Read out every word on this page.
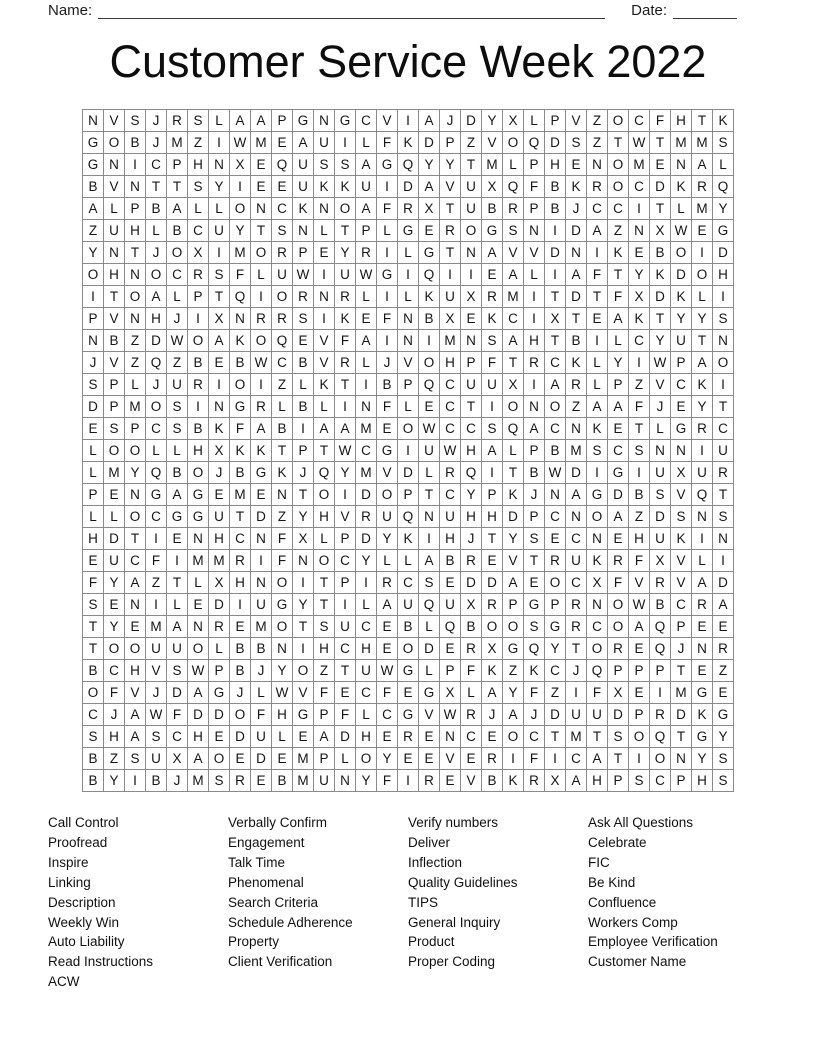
Name:	Date:
Customer Service Week 2022
N	V	S	J	R	S	L	A	A	P	G	N	G	C	V	I	A	J	D	Y	X	L	P	V	Z	O	C	F	H	T	K
G	O	B	J	M	Z	I	W	M	E	A	U	I	L	F	K	D	P	Z	V	O	Q	D	S	Z	T	W	T	M	M	S
G	N	I	C	P	H	N	X	E	Q	U	S	S	A	G	Q	Y	Y	T	M	L	P	H	E	N	O	M	E	N	A	L
B	V	N	T	T	S	Y	I	E	E	U	K	K	U	I	D	A	V	U	X	Q	F	B	K	R	O	C	D	K	R	Q
A	L	P	B	A	L	L	O	N	C	K	N	O	A	F	R	X	T	U	B	R	P	B	J	C	C	I	T	L	M	Y
Z	U	H	L	B	C	U	Y	T	S	N	L	T	P	L	G	E	R	O	G	S	N	I	D	A	Z	N	X	W	E	G
Y	N	T	J	O	X	I	M	O	R	P	E	Y	R	I	L	G	T	N	A	V	V	D	N	I	K	E	B	O	I	D
O	H	N	O	C	R	S	F	L	U	W	I	U	W	G	I	Q	I	I	E	A	L	I	A	F	T	Y	K	D	O	H
I	T	O	A	L	P	T	Q	I	O	R	N	R	L	I	L	K	U	X	R	M	I	T	D	T	F	X	D	K	L	I
P	V	N	H	J	I	X	N	R	R	S	I	K	E	F	N	B	X	E	K	C	I	X	T	E	A	K	T	Y	Y	S
N	B	Z	D	W	O	A	K	O	Q	E	V	F	A	I	N	I	M	N	S	A	H	T	B	I	L	C	Y	U	T	N
J	V	Z	Q	Z	B	E	B	W	C	B	V	R	L	J	V	O	H	P	F	T	R	C	K	L	Y	I	W	P	A	O
S	P	L	J	U	R	I	O	I	Z	L	K	T	I	B	P	Q	C	U	U	X	I	A	R	L	P	Z	V	C	K	I
D	P	M	O	S	I	N	G	R	L	B	L	I	N	F	L	E	C	T	I	O	N	O	Z	A	A	F	J	E	Y	T
E	S	P	C	S	B	K	F	A	B	I	A	A	M	E	O	W	C	C	S	Q	A	C	N	K	E	T	L	G	R	C
L	O	O	L	L	H	X	K	K	T	P	T	W	C	G	I	U	W	H	A	L	P	B	M	S	C	S	N	N	I	U
L	M	Y	Q	B	O	J	B	G	K	J	Q	Y	M	V	D	L	R	Q	I	T	B	W	D	I	G	I	U	X	U	R
P	E	N	G	A	G	E	M	E	N	T	O	I	D	O	P	T	C	Y	P	K	J	N	A	G	D	B	S	V	Q	T
L	L	O	C	G	G	U	T	D	Z	Y	H	V	R	U	Q	N	U	H	H	D	P	C	N	O	A	Z	D	S	N	S
H	D	T	I	E	N	H	C	N	F	X	L	P	D	Y	K	I	H	J	T	Y	S	E	C	N	E	H	U	K	I	N
E	U	C	F	I	M	M	R	I	F	N	O	C	Y	L	L	A	B	R	E	V	T	R	U	K	R	F	X	V	L	I
F	Y	A	Z	T	L	X	H	N	O	I	T	P	I	R	C	S	E	D	D	A	E	O	C	X	F	V	R	V	A	D
S	E	N	I	L	E	D	I	U	G	Y	T	I	L	A	U	Q	U	X	R	P	G	P	R	N	O	W	B	C	R	A
T	Y	E	M	A	N	R	E	M	O	T	S	U	C	E	B	L	Q	B	O	O	S	G	R	C	O	A	Q	P	E	E
T	O	O	U	U	O	L	B	B	N	I	H	C	H	E	O	D	E	R	X	G	Q	Y	T	O	R	E	Q	J	N	R
B	C	H	V	S	W	P	B	J	Y	O	Z	T	U	W	G	L	P	F	K	Z	K	C	J	Q	P	P	P	T	E	Z
O	F	V	J	D	A	G	J	L	W	V	F	E	C	F	E	G	X	L	A	Y	F	Z	I	F	X	E	I	M	G	E
C	J	A	W	F	D	D	O	F	H	G	P	F	L	C	G	V	W	R	J	A	J	D	U	U	D	P	R	D	K	G
S	H	A	S	C	H	E	D	U	L	E	A	D	H	E	R	E	N	C	E	O	C	T	M	T	S	O	Q	T	G	Y
B	Z	S	U	X	A	O	E	D	E	M	P	L	O	Y	E	E	V	E	R	I	F	I	C	A	T	I	O	N	Y	S
B	Y	I	B	J	M	S	R	E	B	M	U	N	Y	F	I	R	E	V	B	K	R	X	A	H	P	S	C	P	H	S
Call Control
Proofread
Inspire
Linking
Description
Weekly Win
Auto Liability
Read Instructions
ACW
Verbally Confirm
Engagement
Talk Time
Phenomenal
Search Criteria
Schedule Adherence
Property
Client Verification
Verify numbers
Deliver
Inflection
Quality Guidelines
TIPS
General Inquiry
Product
Proper Coding
Ask All Questions
Celebrate
FIC
Be Kind
Confluence
Workers Comp
Employee Verification
Customer Name
